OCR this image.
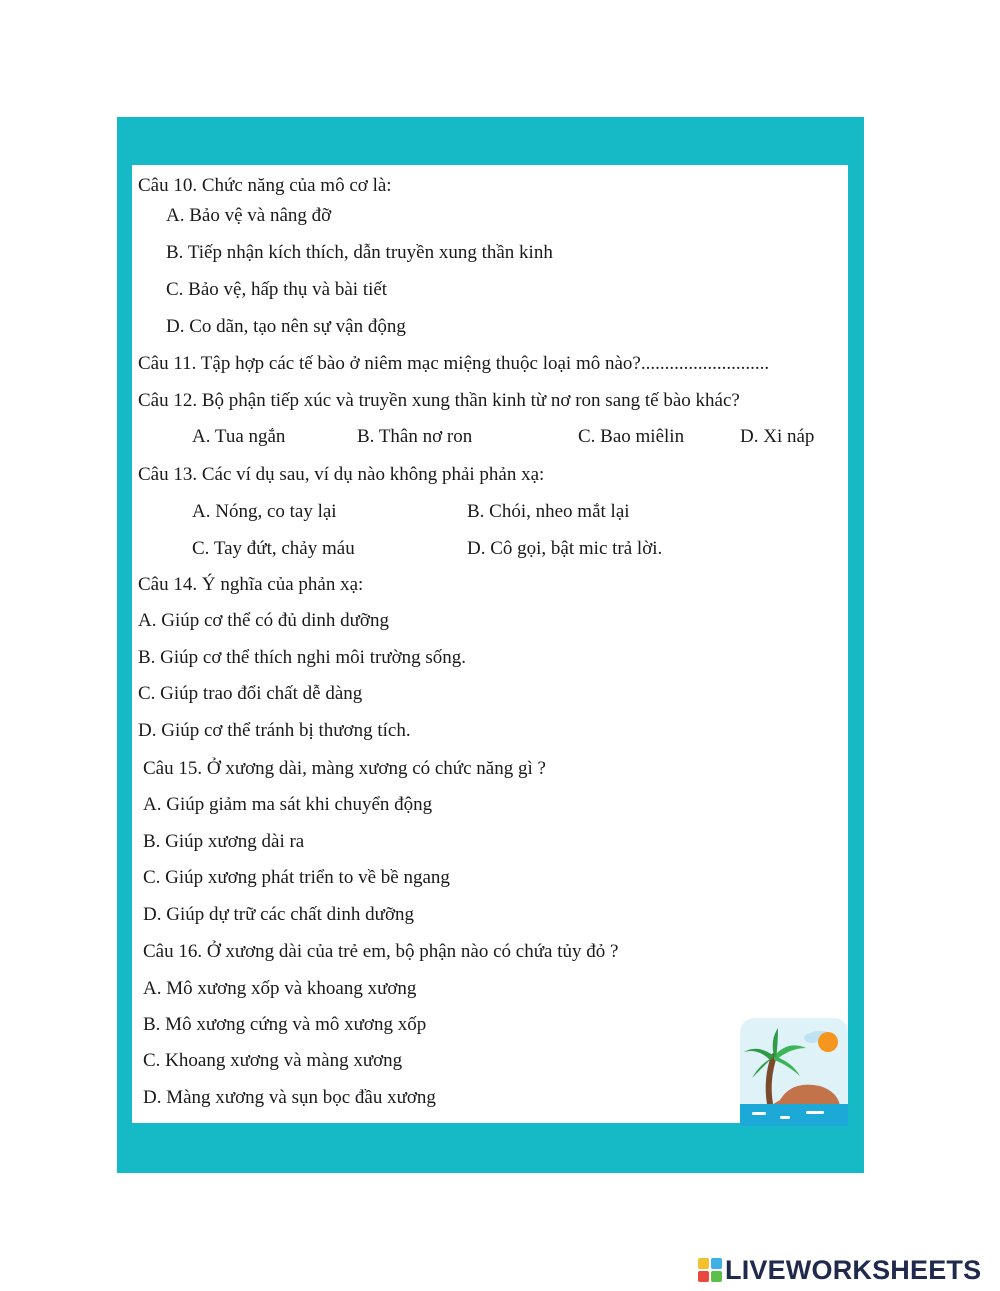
Câu 10. Chức năng của mô cơ là:
A. Bảo vệ và nâng đỡ
B. Tiếp nhận kích thích, dẫn truyền xung thần kinh
C. Bảo vệ, hấp thụ và bài tiết
D. Co dãn, tạo nên sự vận động
Câu 11. Tập hợp các tế bào ở niêm mạc miệng thuộc loại mô nào?...........................
Câu 12. Bộ phận tiếp xúc và truyền xung thần kinh từ nơ ron sang tế bào khác?
A. Tua ngắn	B. Thân nơ ron	C. Bao miêlin	D. Xi náp
Câu 13. Các ví dụ sau, ví dụ nào không phải phản xạ:
A. Nóng, co tay lại	B. Chói, nheo mắt lại
C. Tay đứt, chảy máu	D. Cô gọi, bật mic trả lời.
Câu 14. Ý nghĩa của phản xạ:
A. Giúp cơ thể có đủ dinh dưỡng
B. Giúp cơ thể thích nghi môi trường sống.
C. Giúp trao đổi chất dễ dàng
D. Giúp cơ thể tránh bị thương tích.
Câu 15. Ở xương dài, màng xương có chức năng gì ?
A. Giúp giảm ma sát khi chuyển động
B. Giúp xương dài ra
C. Giúp xương phát triển to về bề ngang
D. Giúp dự trữ các chất dinh dưỡng
Câu 16. Ở xương dài của trẻ em, bộ phận nào có chứa tủy đỏ ?
A. Mô xương xốp và khoang xương
B. Mô xương cứng và mô xương xốp
C. Khoang xương và màng xương
D. Màng xương và sụn bọc đầu xương
LIVEWORKSHEETS
